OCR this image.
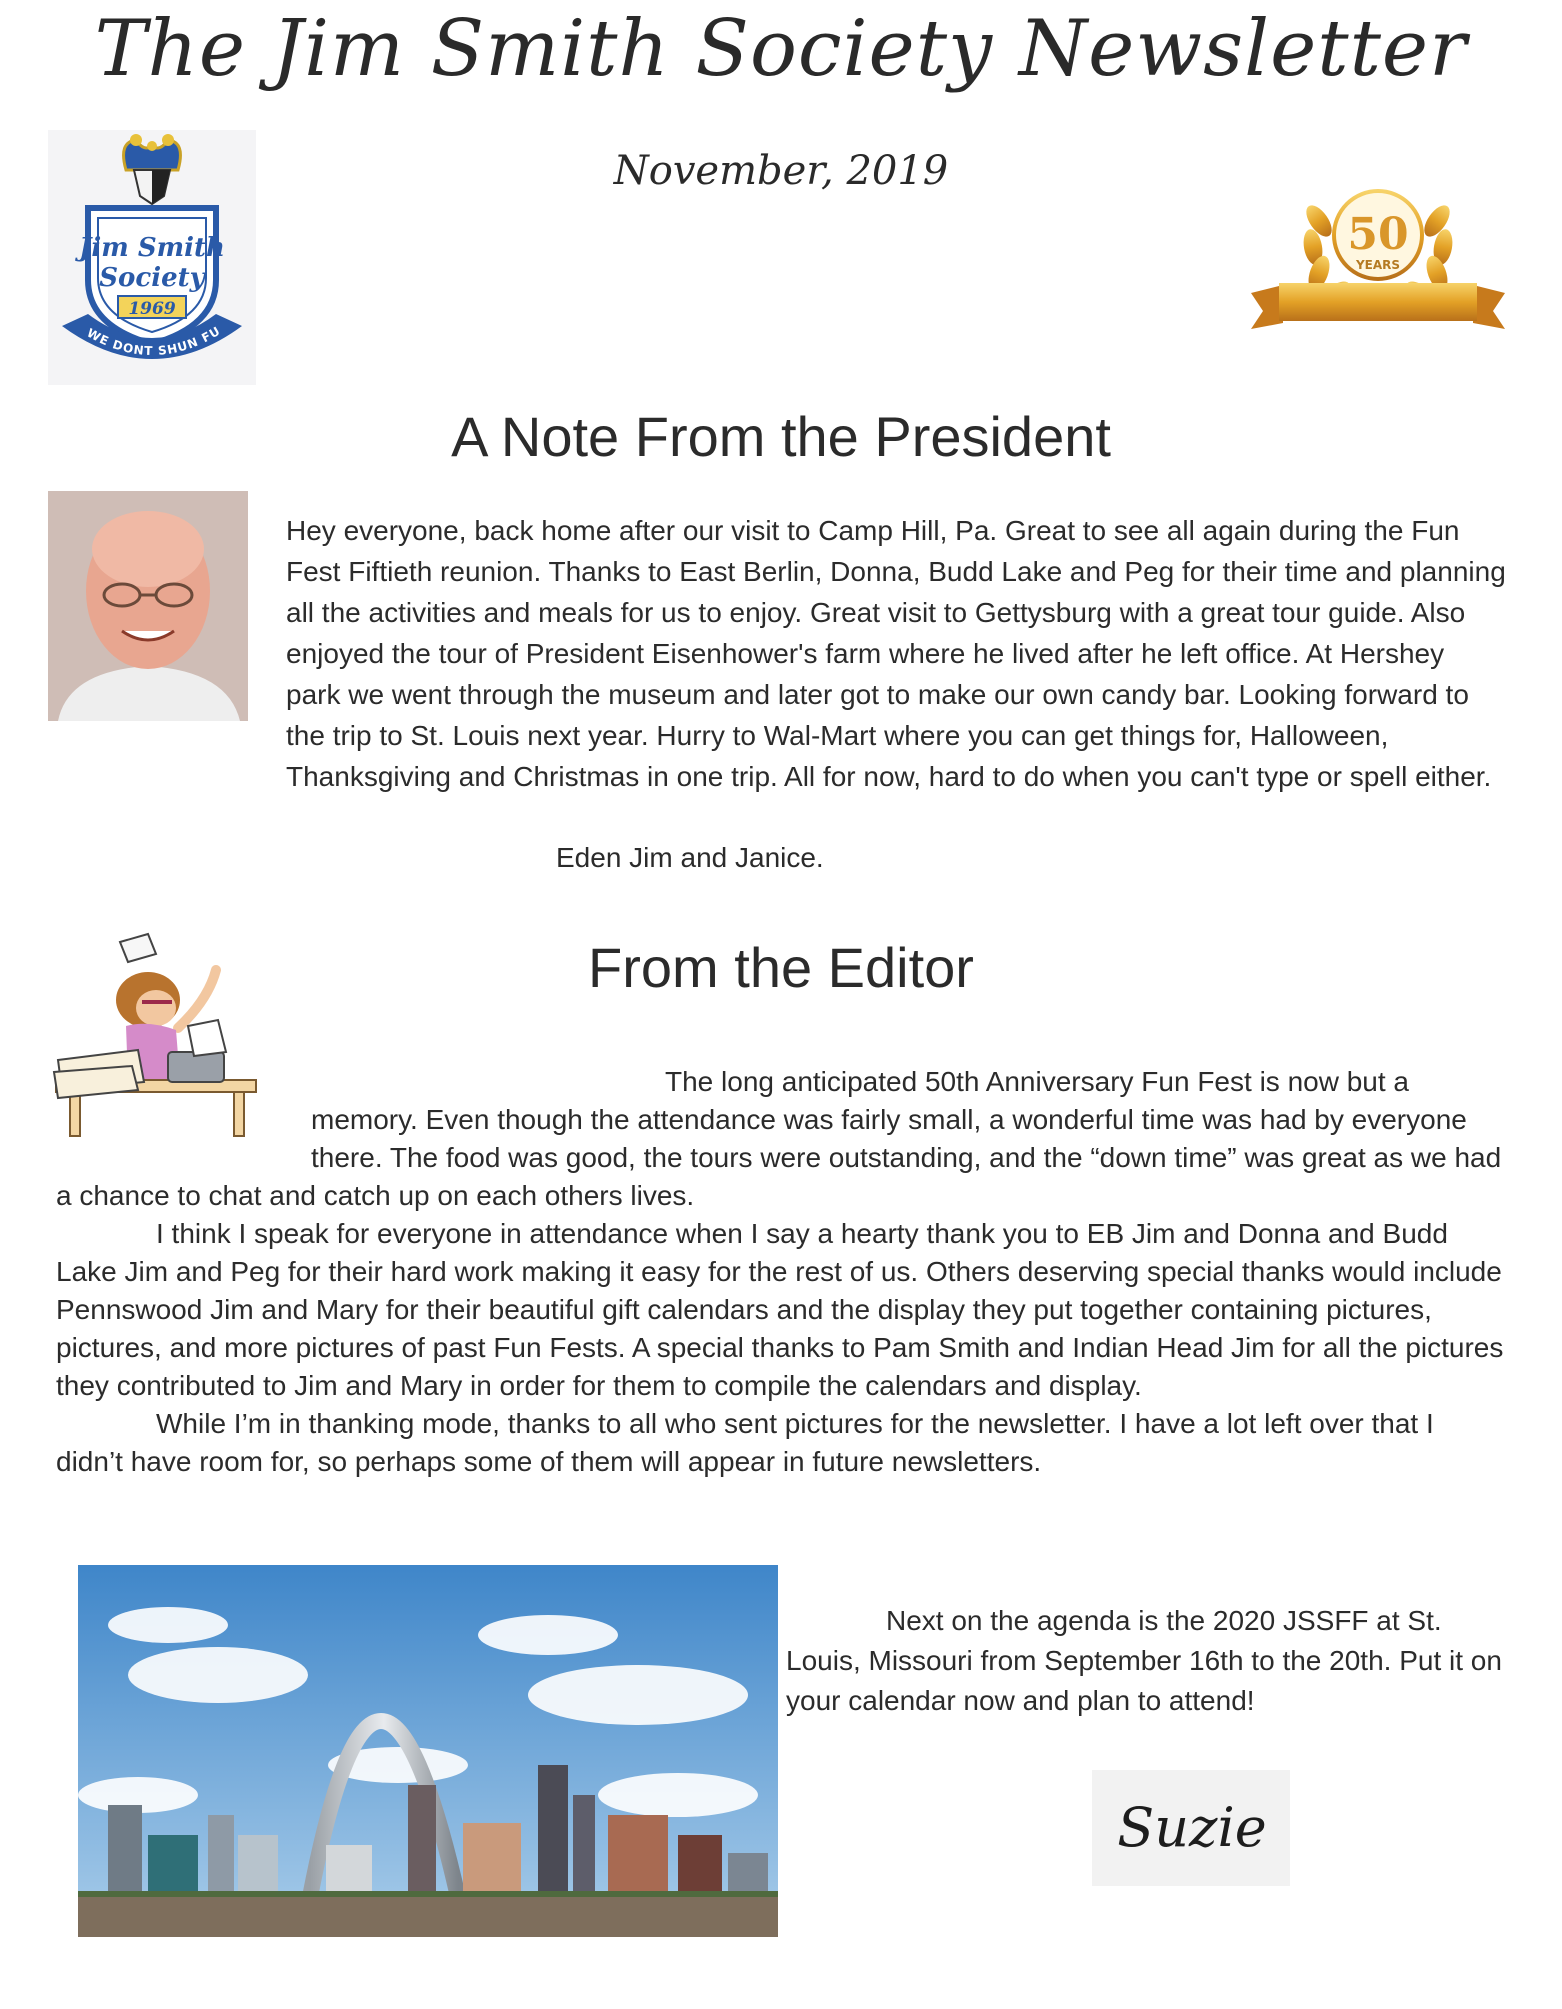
The Jim Smith Society Newsletter
November, 2019
Jim Smith
Society
1969
WE DONT SHUN FU
50
YEARS
A Note From the President
Hey everyone, back home after our visit to Camp Hill, Pa. Great to see all again during the Fun Fest Fiftieth reunion. Thanks to East Berlin, Donna, Budd Lake and Peg for their time and planning all the activities and meals for us to enjoy. Great visit to Gettysburg with a great tour guide. Also enjoyed the tour of President Eisenhower's farm where he lived after he left office. At Hershey park we went through the museum and later got to make our own candy bar. Looking forward to the trip to St. Louis next year. Hurry to Wal-Mart where you can get things for, Halloween, Thanksgiving and Christmas in one trip. All for now, hard to do when you can't type or spell either.
Eden Jim and Janice.
From the Editor

The long anticipated 50th Anniversary Fun Fest is now but a memory. Even though the attendance was fairly small, a wonderful time was had by everyone there. The food was good, the tours were outstanding, and the “down time” was great as we had a chance to chat and catch up on each others lives.

I think I speak for everyone in attendance when I say a hearty thank you to EB Jim and Donna and Budd Lake Jim and Peg for their hard work making it easy for the rest of us. Others deserving special thanks would include Pennswood Jim and Mary for their beautiful gift calendars and the display they put together containing pictures, pictures, and more pictures of past Fun Fests. A special thanks to Pam Smith and Indian Head Jim for all the pictures they contributed to Jim and Mary in order for them to compile the calendars and display.

While I’m in thanking mode, thanks to all who sent pictures for the newsletter. I have a lot left over that I didn’t have room for, so perhaps some of them will appear in future newsletters.

Next on the agenda is the 2020 JSSFF at St. Louis, Missouri from September 16th to the 20th. Put it on your calendar now and plan to attend!

Suzie
